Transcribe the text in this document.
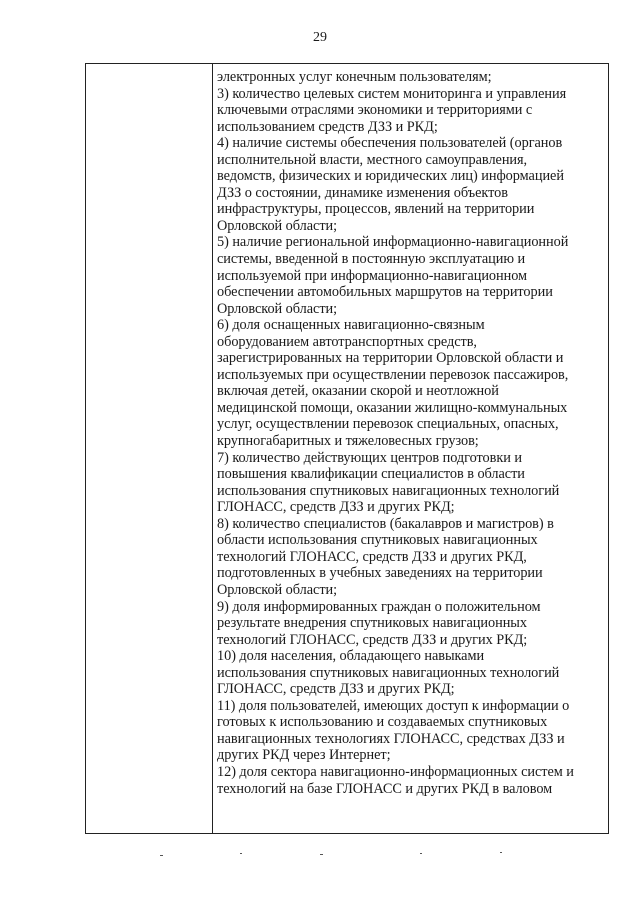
29
электронных услуг конечным пользователям;
3) количество целевых систем мониторинга и управления
ключевыми отраслями экономики и территориями с
использованием средств ДЗЗ и РКД;
4) наличие системы обеспечения пользователей (органов
исполнительной власти, местного самоуправления,
ведомств, физических и юридических лиц) информацией
ДЗЗ о состоянии, динамике изменения объектов
инфраструктуры, процессов, явлений на территории
Орловской области;
5) наличие региональной информационно-навигационной
системы, введенной в постоянную эксплуатацию и
используемой при информационно-навигационном
обеспечении автомобильных маршрутов на территории
Орловской области;
6) доля оснащенных навигационно-связным
оборудованием автотранспортных средств,
зарегистрированных на территории Орловской области и
используемых при осуществлении перевозок пассажиров,
включая детей, оказании скорой и неотложной
медицинской помощи, оказании жилищно-коммунальных
услуг, осуществлении перевозок специальных, опасных,
крупногабаритных и тяжеловесных грузов;
7) количество действующих центров подготовки и
повышения квалификации специалистов в области
использования спутниковых навигационных технологий
ГЛОНАСС, средств ДЗЗ и других РКД;
8) количество специалистов (бакалавров и магистров) в
области использования спутниковых навигационных
технологий ГЛОНАСС, средств ДЗЗ и других РКД,
подготовленных в учебных заведениях на территории
Орловской области;
9) доля информированных граждан о положительном
результате внедрения спутниковых навигационных
технологий ГЛОНАСС, средств ДЗЗ и других РКД;
10) доля населения, обладающего навыками
использования спутниковых навигационных технологий
ГЛОНАСС, средств ДЗЗ и других РКД;
11) доля пользователей, имеющих доступ к информации о
готовых к использованию и создаваемых спутниковых
навигационных технологиях ГЛОНАСС, средствах ДЗЗ и
других РКД через Интернет;
12) доля сектора навигационно-информационных систем и
технологий на базе ГЛОНАСС и других РКД в валовом
